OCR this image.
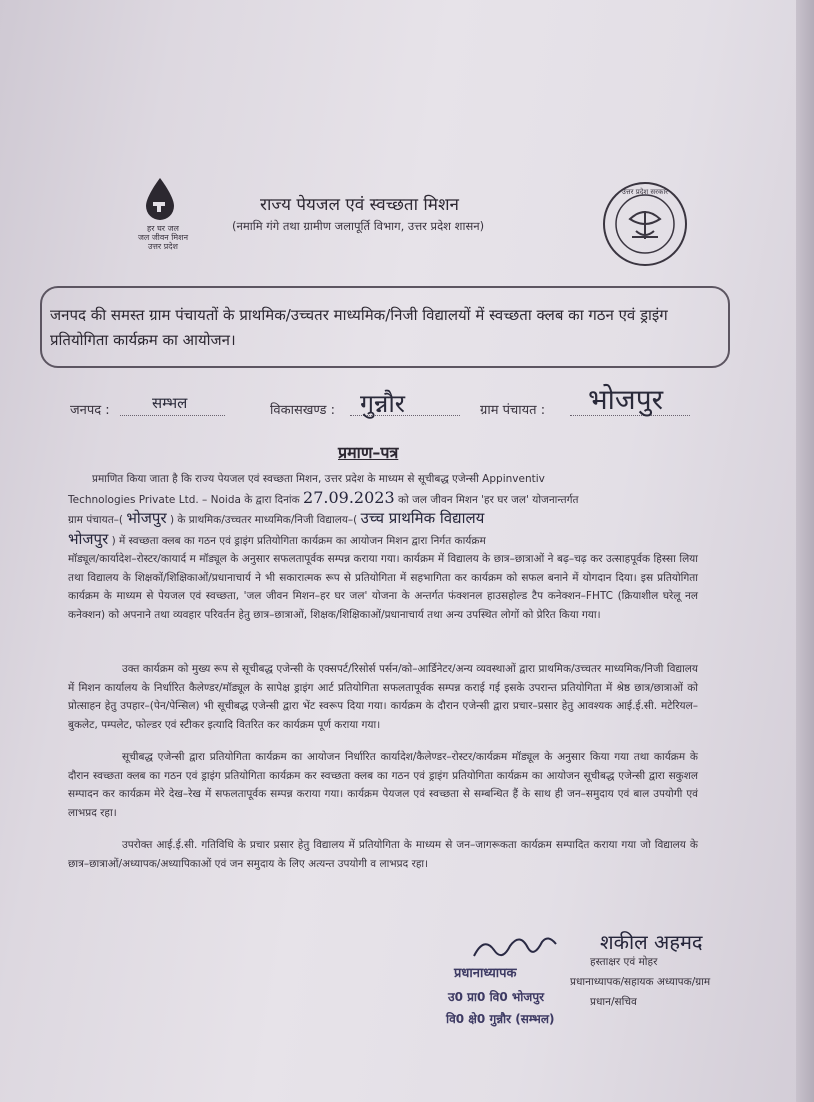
हर घर जल
जल जीवन मिशन
उत्तर प्रदेश
राज्य पेयजल एवं स्वच्छता मिशन
(नमामि गंगे तथा ग्रामीण जलापूर्ति विभाग, उत्तर प्रदेश शासन)
उत्तर प्रदेश सरकार
जनपद की समस्त ग्राम पंचायतों के प्राथमिक/उच्चतर माध्यमिक/निजी विद्यालयों में स्वच्छता क्लब का गठन एवं ड्राइंग प्रतियोगिता कार्यक्रम का आयोजन।
जनपद :	सम्भल	विकासखण्ड : गुन्नौर	ग्राम पंचायत : भोजपुर
प्रमाण–पत्र
प्रमाणित किया जाता है कि राज्य पेयजल एवं स्वच्छता मिशन, उत्तर प्रदेश के माध्यम से सूचीबद्ध एजेन्सी Appinventiv
Technologies Private Ltd. – Noida के द्वारा दिनांक 27.09.2023 को जल जीवन मिशन 'हर घर जल' योजनान्तर्गत
ग्राम पंचायत–( भोजपुर ) के प्राथमिक/उच्चतर माध्यमिक/निजी विद्यालय–( उच्च प्राथमिक विद्यालय
भोजपुर ) में स्वच्छता क्लब का गठन एवं ड्राइंग प्रतियोगिता कार्यक्रम का आयोजन मिशन द्वारा निर्गत कार्यक्रम
मॉड्यूल/कार्यादेश–रोस्टर/कायार्द म मॉड्यूल के अनुसार सफलतापूर्वक सम्पन्न कराया गया। कार्यक्रम में विद्यालय के छात्र–छात्राओं ने बढ़–चढ़ कर उत्साहपूर्वक हिस्सा लिया तथा विद्यालय के शिक्षकों/शिक्षिकाओं/प्रधानाचार्य ने भी सकारात्मक रूप से प्रतियोगिता में सहभागिता कर कार्यक्रम को सफल बनाने में योगदान दिया। इस प्रतियोगिता कार्यक्रम के माध्यम से पेयजल एवं स्वच्छता, 'जल जीवन मिशन–हर घर जल' योजना के अन्तर्गत फंक्शनल हाउसहोल्ड टैप कनेक्शन–FHTC (क्रियाशील घरेलू नल कनेक्शन) को अपनाने तथा व्यवहार परिवर्तन हेतु छात्र–छात्राओं, शिक्षक/शिक्षिकाओं/प्रधानाचार्य तथा अन्य उपस्थित लोगों को प्रेरित किया गया।
उक्त कार्यक्रम को मुख्य रूप से सूचीबद्ध एजेन्सी के एक्सपर्ट/रिसोर्स पर्सन/को–आर्डिनेटर/अन्य व्यवस्थाओं द्वारा प्राथमिक/उच्चतर माध्यमिक/निजी विद्यालय में मिशन कार्यालय के निर्धारित कैलेण्डर/मॉड्यूल के सापेक्ष ड्राइंग आर्ट प्रतियोगिता सफलतापूर्वक सम्पन्न कराई गई इसके उपरान्त प्रतियोगिता में श्रेष्ठ छात्र/छात्राओं को प्रोत्साहन हेतु उपहार–(पेन/पेन्सिल) भी सूचीबद्ध एजेन्सी द्वारा भेंट स्वरूप दिया गया। कार्यक्रम के दौरान एजेन्सी द्वारा प्रचार–प्रसार हेतु आवश्यक आई.ई.सी. मटेरियल–बुकलेट, पम्पलेट, फोल्डर एवं स्टीकर इत्यादि वितरित कर कार्यक्रम पूर्ण कराया गया।
सूचीबद्ध एजेन्सी द्वारा प्रतियोगिता कार्यक्रम का आयोजन निर्धारित कार्यादेश/कैलेण्डर–रोस्टर/कार्यक्रम मॉड्यूल के अनुसार किया गया तथा कार्यक्रम के दौरान स्वच्छता क्लब का गठन एवं ड्राइंग प्रतियोगिता कार्यक्रम कर स्वच्छता क्लब का गठन एवं ड्राइंग प्रतियोगिता कार्यक्रम का आयोजन सूचीबद्ध एजेन्सी द्वारा सकुशल सम्पादन कर कार्यक्रम मेरे देख–रेख में सफलतापूर्वक सम्पन्न कराया गया। कार्यक्रम पेयजल एवं स्वच्छता से सम्बन्धित हैं के साथ ही जन–समुदाय एवं बाल उपयोगी एवं लाभप्रद रहा।
उपरोक्त आई.ई.सी. गतिविधि के प्रचार प्रसार हेतु विद्यालय में प्रतियोगिता के माध्यम से जन–जागरूकता कार्यक्रम सम्पादित कराया गया जो विद्यालय के छात्र–छात्राओं/अध्यापक/अध्यापिकाओं एवं जन समुदाय के लिए अत्यन्त उपयोगी व लाभप्रद रहा।
शकील अहमद
हस्ताक्षर एवं मोहर
प्रधानाध्यापक/सहायक अध्यापक/ग्राम
प्रधान/सचिव
प्रधानाध्यापक
उ0 प्रा0 वि0 भोजपुर
वि0 क्षे0 गुन्नौर (सम्भल)
